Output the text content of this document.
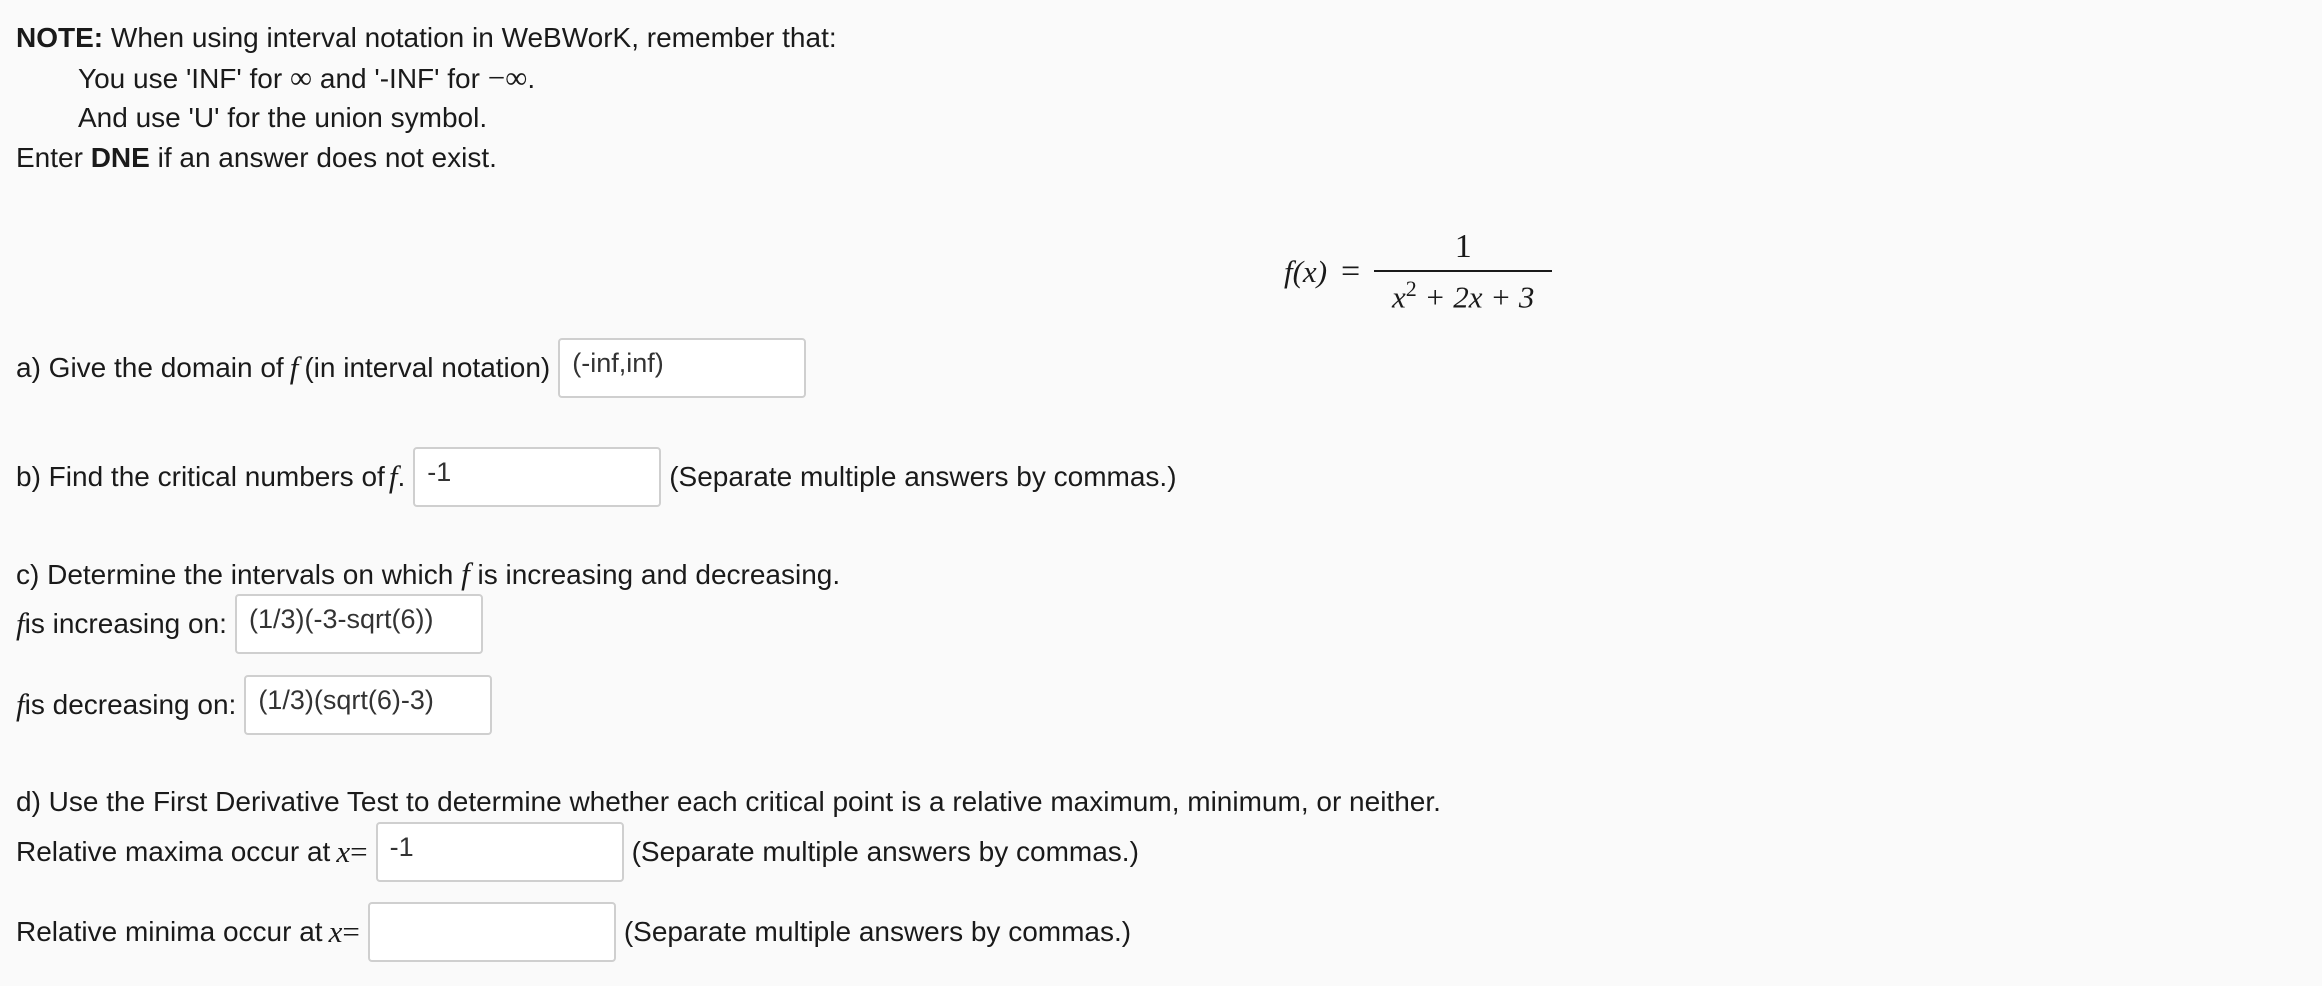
NOTE: When using interval notation in WeBWorK, remember that:
You use 'INF' for ∞ and '-INF' for −∞.
And use 'U' for the union symbol.
Enter DNE if an answer does not exist.
$f(x) = \frac{1}{x^2 + 2x + 3}$
a) Give the domain of f (in interval notation)
(-inf,inf)
b) Find the critical numbers of f .
-1	(Separate multiple answers by commas.)
c) Determine the intervals on which f is increasing and decreasing.
f is increasing on:
(1/3)(-3-sqrt(6))
f is decreasing on:
(1/3)(sqrt(6)-3)
d) Use the First Derivative Test to determine whether each critical point is a relative maximum, minimum, or neither.
Relative maxima occur at x =
-1	(Separate multiple answers by commas.)
Relative minima occur at x =	(Separate multiple answers by commas.)
